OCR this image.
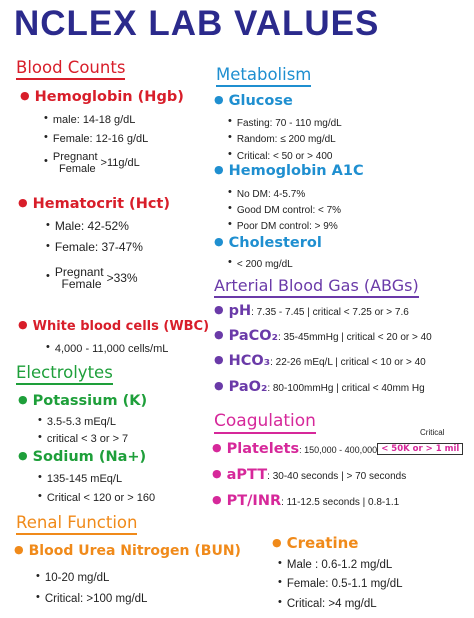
NCLEX LAB VALUES
Blood Counts
● Hemoglobin (Hgb)
• male: 14-18 g/dL
• Female: 12-16 g/dL
• Pregnant
Female >11g/dL
● Hematocrit (Hct)
• Male: 42-52%
• Female: 37-47%
• Pregnant
Female >33%
● White blood cells (WBC)
• 4,000 - 11,000 cells/mL
Electrolytes
● Potassium (K)
• 3.5-5.3 mEq/L
• critical < 3 or > 7
● Sodium (Na+)
• 135-145 mEq/L
• Critical < 120 or > 160
Renal Function
● Blood Urea Nitrogen (BUN)
• 10-20 mg/dL
• Critical: >100 mg/dL
● Creatine
• Male : 0.6-1.2 mg/dL
• Female: 0.5-1.1 mg/dL
• Critical: >4 mg/dL
Metabolism
● Glucose
• Fasting: 70 - 110 mg/dL
• Random: ≤ 200 mg/dL
• Critical: < 50 or > 400
● Hemoglobin A1C
• No DM: 4-5.7%
• Good DM control: < 7%
• Poor DM control: > 9%
● Cholesterol
• < 200 mg/dL
Arterial Blood Gas (ABGs)
● pH: 7.35 - 7.45 | critical < 7.25 or > 7.6
● PaCO₂: 35-45mmHg | critical < 20 or > 40
● HCO₃: 22-26 mEq/L | critical < 10 or > 40
● PaO₂: 80-100mmHg | critical < 40mm Hg
Coagulation
Critical
● Platelets: 150,000 - 400,000 < 50K or > 1 mil
● aPTT: 30-40 seconds | > 70 seconds
● PT/INR: 11-12.5 seconds | 0.8-1.1
